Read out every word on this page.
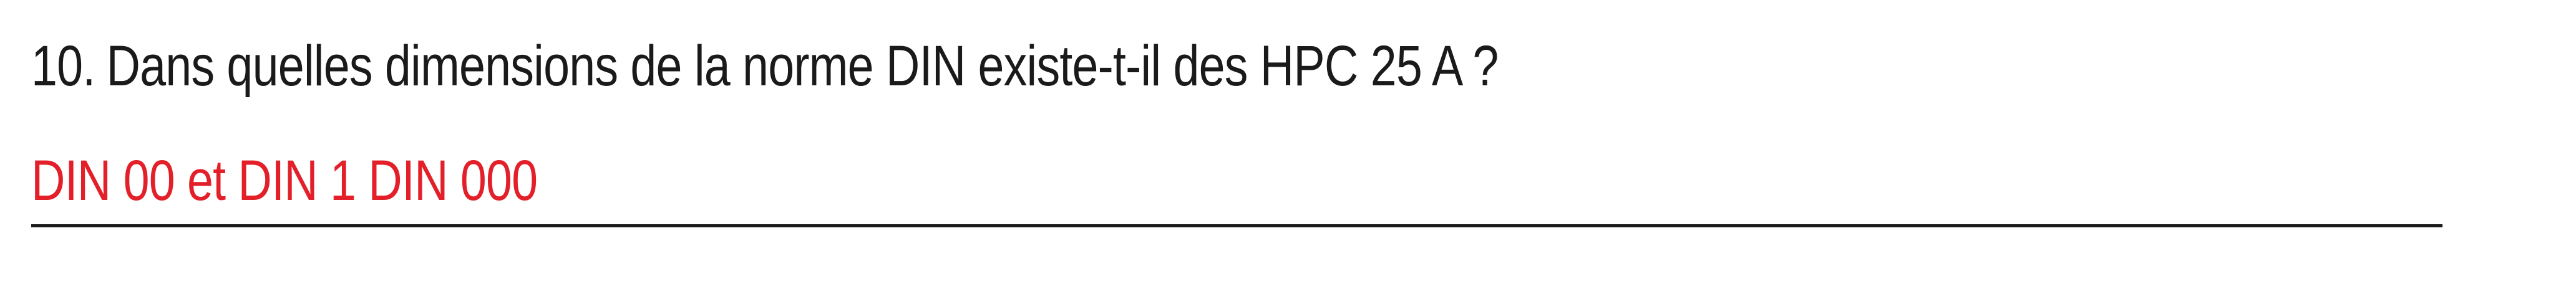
10. Dans quelles dimensions de la norme DIN existe-t-il des HPC 25 A ?
DIN 00 et DIN 1 DIN 000
